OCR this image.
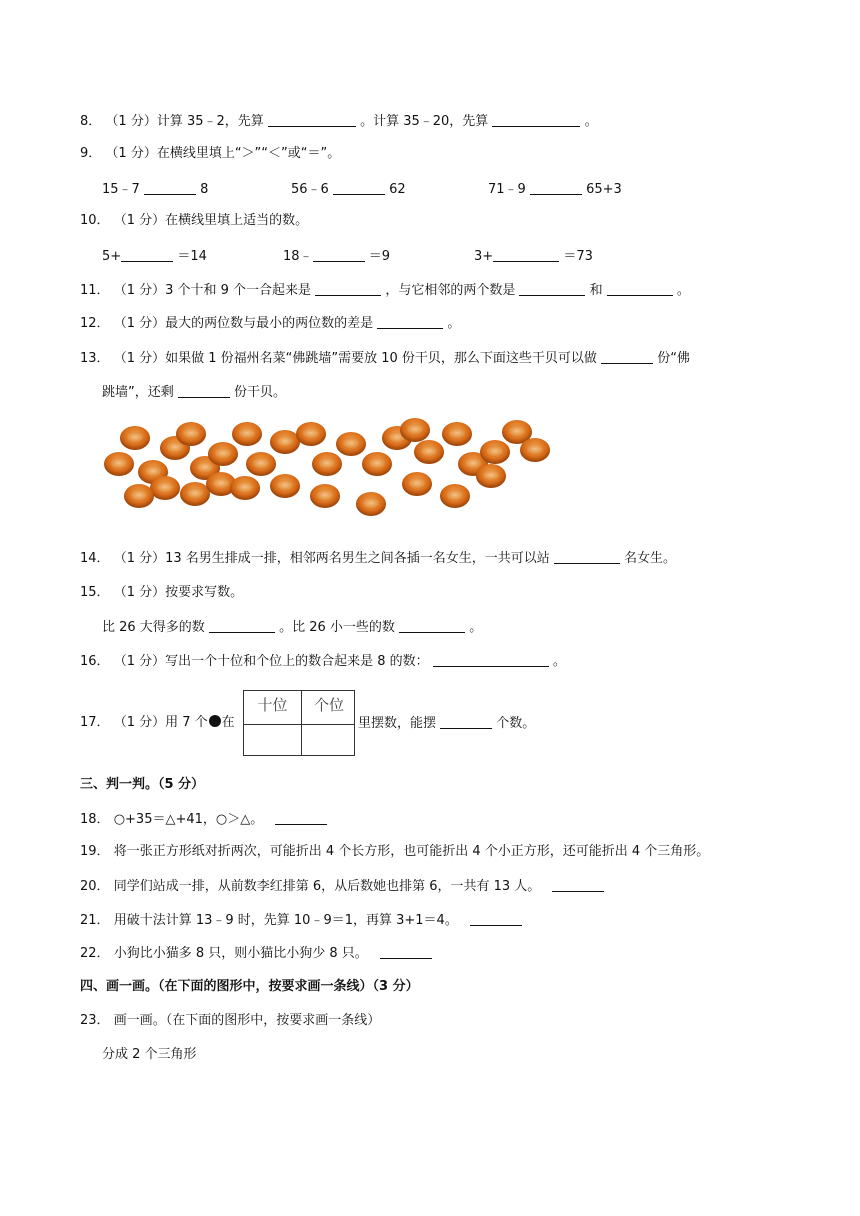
8． （1 分）计算 35﹣2，先算	。计算 35﹣20，先算	。
9． （1 分）在横线里填上“＞”“＜”或“＝”。
15﹣7	8	56﹣6	62	71﹣9	65+3
10． （1 分）在横线里填上适当的数。
5+	＝14	18﹣	＝9	3+	＝73
11． （1 分）3 个十和 9 个一合起来是	，与它相邻的两个数是	和	。
12． （1 分）最大的两位数与最小的两位数的差是	。
13． （1 分）如果做 1 份福州名菜“佛跳墙”需要放 10 份干贝，那么下面这些干贝可以做	份“佛
跳墙”，还剩	份干贝。
14． （1 分）13 名男生排成一排，相邻两名男生之间各插一名女生，一共可以站	名女生。
15． （1 分）按要求写数。
比 26 大得多的数	。比 26 小一些的数	。
16． （1 分）写出一个十位和个位上的数合起来是 8 的数：	。
17． （1 分）用 7 个 在
十位	个位
里摆数，能摆	个数。
三、判一判。（5 分）
18． ○+35＝△+41，○＞△。
19． 将一张正方形纸对折两次，可能折出 4 个长方形，也可能折出 4 个小正方形，还可能折出 4 个三角形。
20． 同学们站成一排，从前数李红排第 6，从后数她也排第 6，一共有 13 人。
21． 用破十法计算 13﹣9 时，先算 10﹣9＝1，再算 3+1＝4。
22． 小狗比小猫多 8 只，则小猫比小狗少 8 只。
四、画一画。（在下面的图形中，按要求画一条线）（3 分）
23． 画一画。（在下面的图形中，按要求画一条线）
分成 2 个三角形
